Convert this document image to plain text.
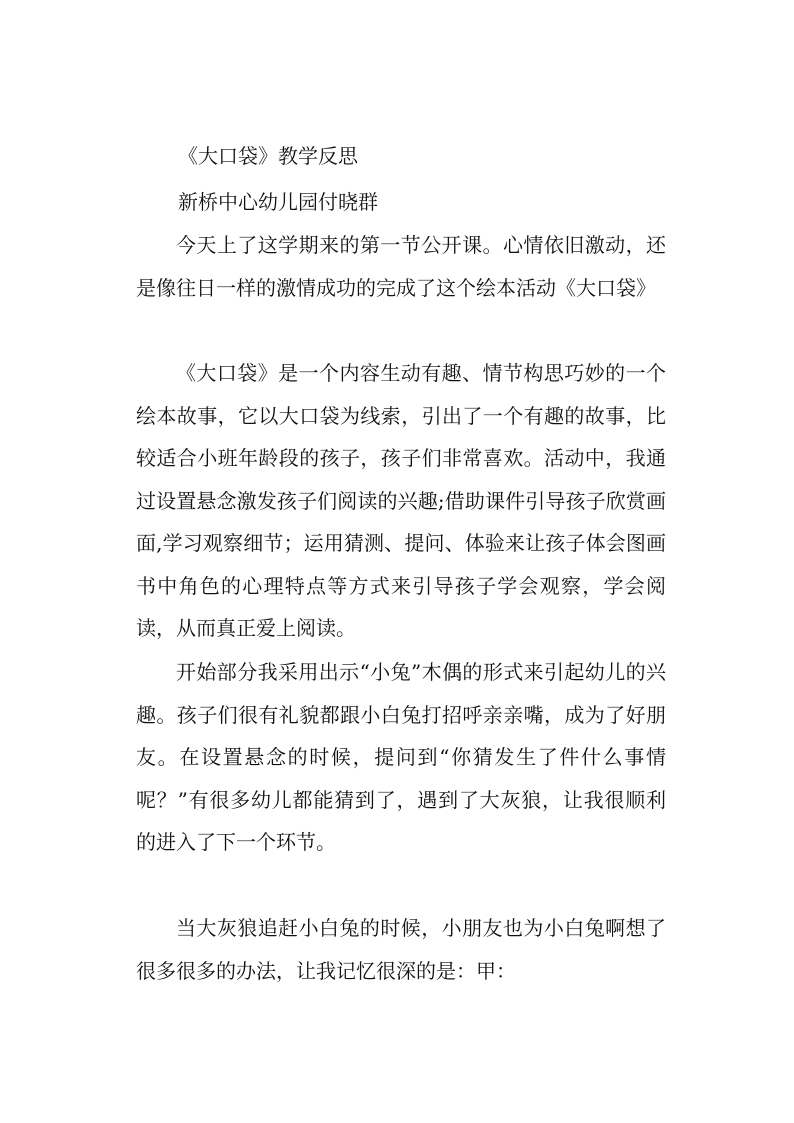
《大口袋》教学反思
新桥中心幼儿园付晓群

今天上了这学期来的第一节公开课。心情依旧激动，还是像往日一样的激情成功的完成了这个绘本活动《大口袋》

《大口袋》是一个内容生动有趣、情节构思巧妙的一个绘本故事，它以大口袋为线索，引出了一个有趣的故事，比较适合小班年龄段的孩子，孩子们非常喜欢。活动中，我通过设置悬念激发孩子们阅读的兴趣;借助课件引导孩子欣赏画面,学习观察细节；运用猜测、提问、体验来让孩子体会图画书中角色的心理特点等方式来引导孩子学会观察，学会阅读，从而真正爱上阅读。

开始部分我采用出示“小兔”木偶的形式来引起幼儿的兴趣。孩子们很有礼貌都跟小白兔打招呼亲亲嘴，成为了好朋友。在设置悬念的时候，提问到“你猜发生了件什么事情呢？”有很多幼儿都能猜到了，遇到了大灰狼，让我很顺利的进入了下一个环节。

当大灰狼追赶小白兔的时候，小朋友也为小白兔啊想了很多很多的办法，让我记忆很深的是：甲：
